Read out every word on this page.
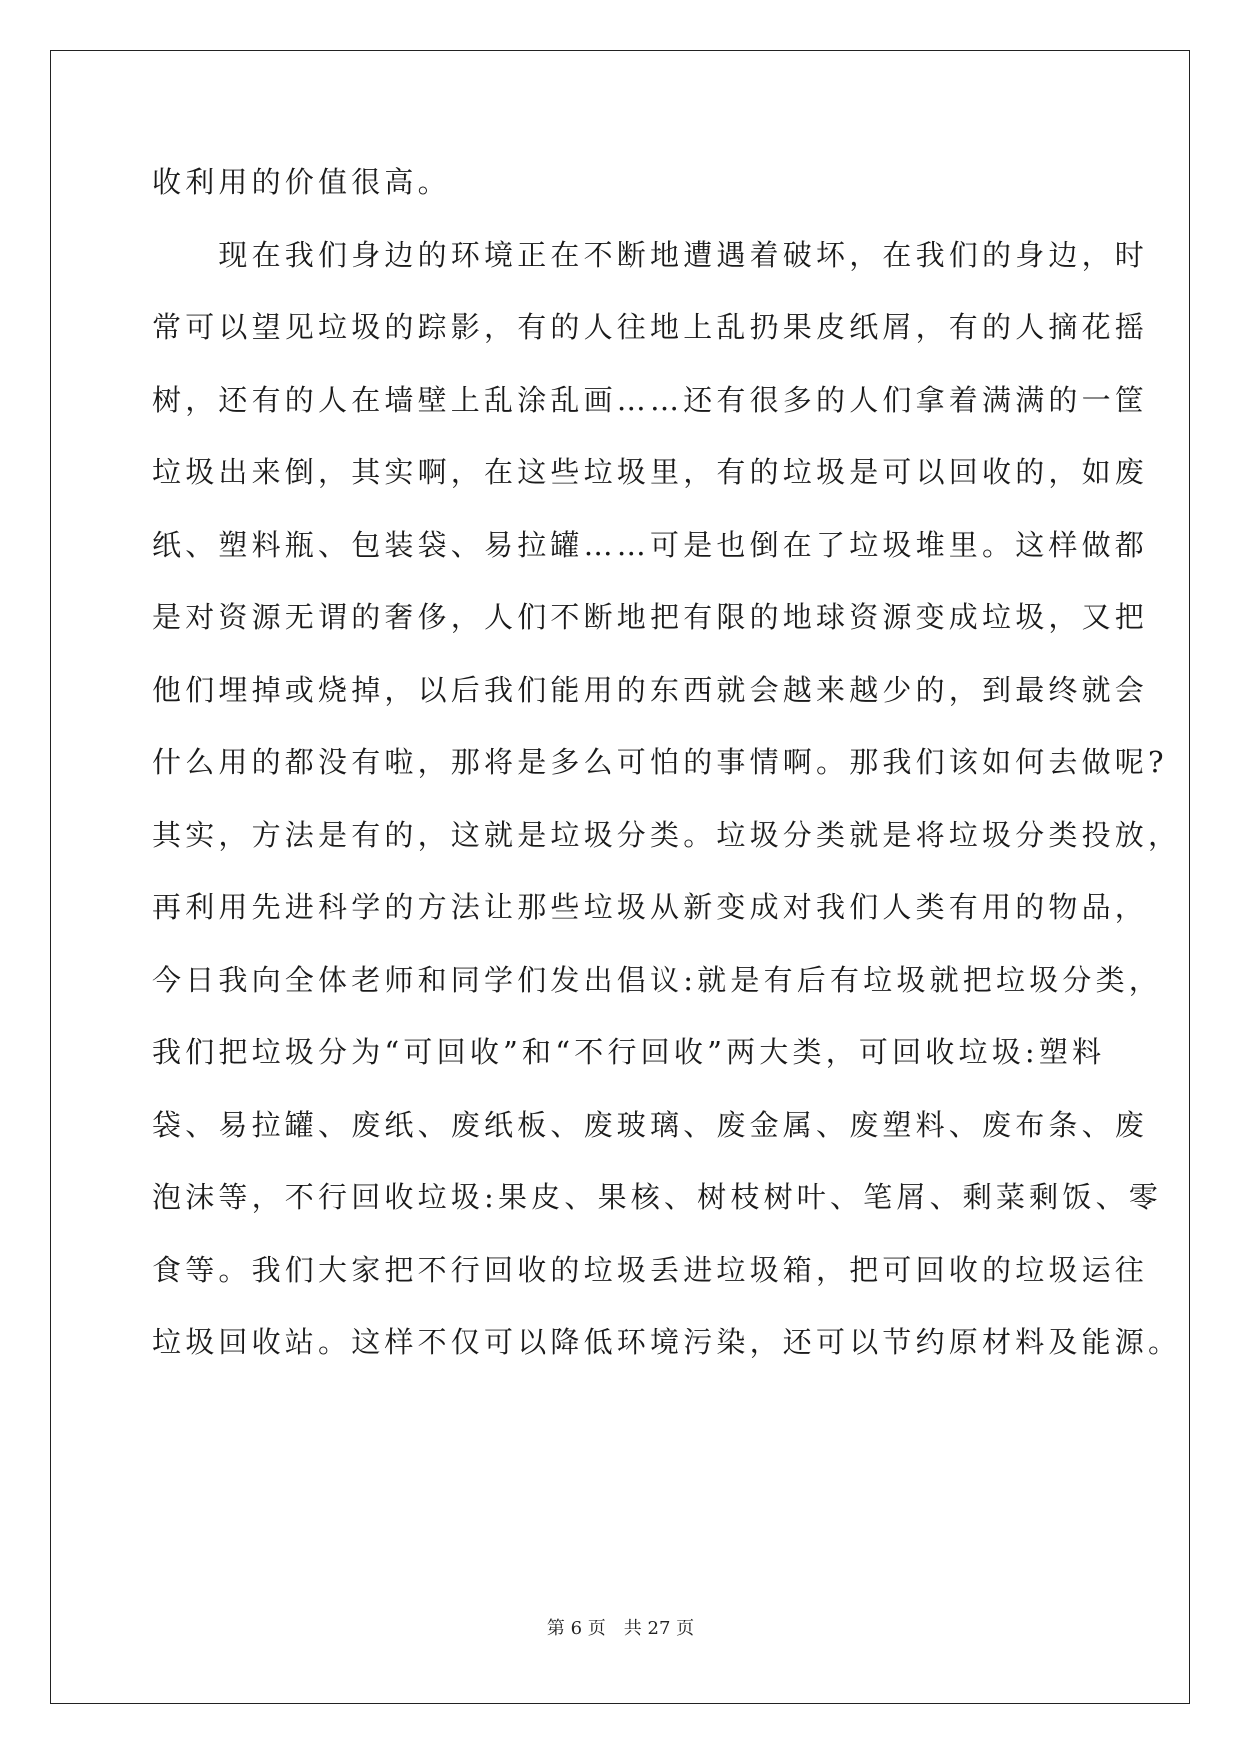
收利用的价值很高。
　　现在我们身边的环境正在不断地遭遇着破坏，在我们的身边，时
常可以望见垃圾的踪影，有的人往地上乱扔果皮纸屑，有的人摘花摇
树，还有的人在墙壁上乱涂乱画……还有很多的人们拿着满满的一筐
垃圾出来倒，其实啊，在这些垃圾里，有的垃圾是可以回收的，如废
纸、塑料瓶、包装袋、易拉罐……可是也倒在了垃圾堆里。这样做都
是对资源无谓的奢侈，人们不断地把有限的地球资源变成垃圾，又把
他们埋掉或烧掉，以后我们能用的东西就会越来越少的，到最终就会
什么用的都没有啦，那将是多么可怕的事情啊。那我们该如何去做呢?
其实，方法是有的，这就是垃圾分类。垃圾分类就是将垃圾分类投放，
再利用先进科学的方法让那些垃圾从新变成对我们人类有用的物品，
今日我向全体老师和同学们发出倡议:就是有后有垃圾就把垃圾分类，
我们把垃圾分为“可回收”和“不行回收”两大类，可回收垃圾:塑料
袋、易拉罐、废纸、废纸板、废玻璃、废金属、废塑料、废布条、废
泡沫等，不行回收垃圾:果皮、果核、树枝树叶、笔屑、剩菜剩饭、零
食等。我们大家把不行回收的垃圾丢进垃圾箱，把可回收的垃圾运往
垃圾回收站。这样不仅可以降低环境污染，还可以节约原材料及能源。
第 6 页　共 27 页
